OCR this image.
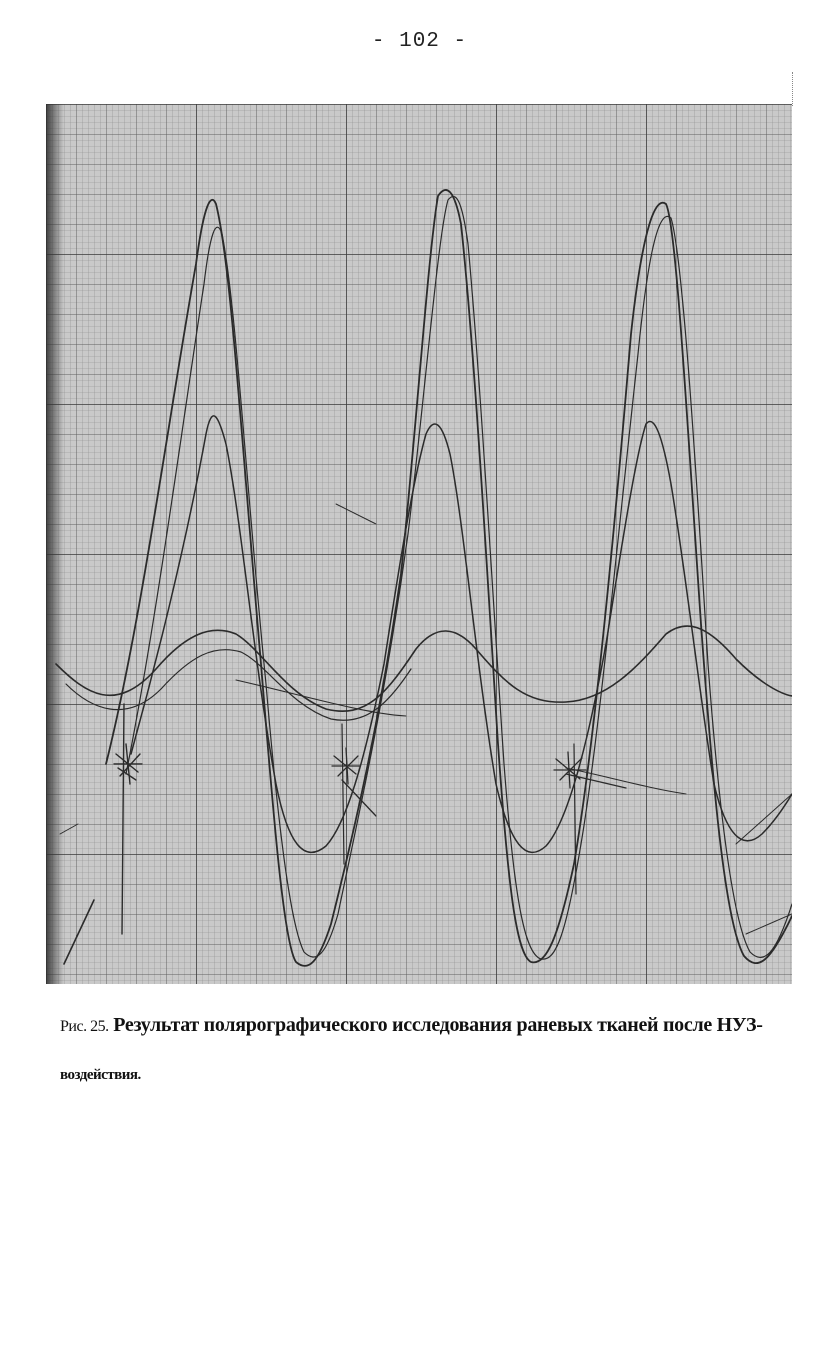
- 102 -
Рис. 25. Результат полярографического исследования раневых тканей после НУЗ-
воздействия.
